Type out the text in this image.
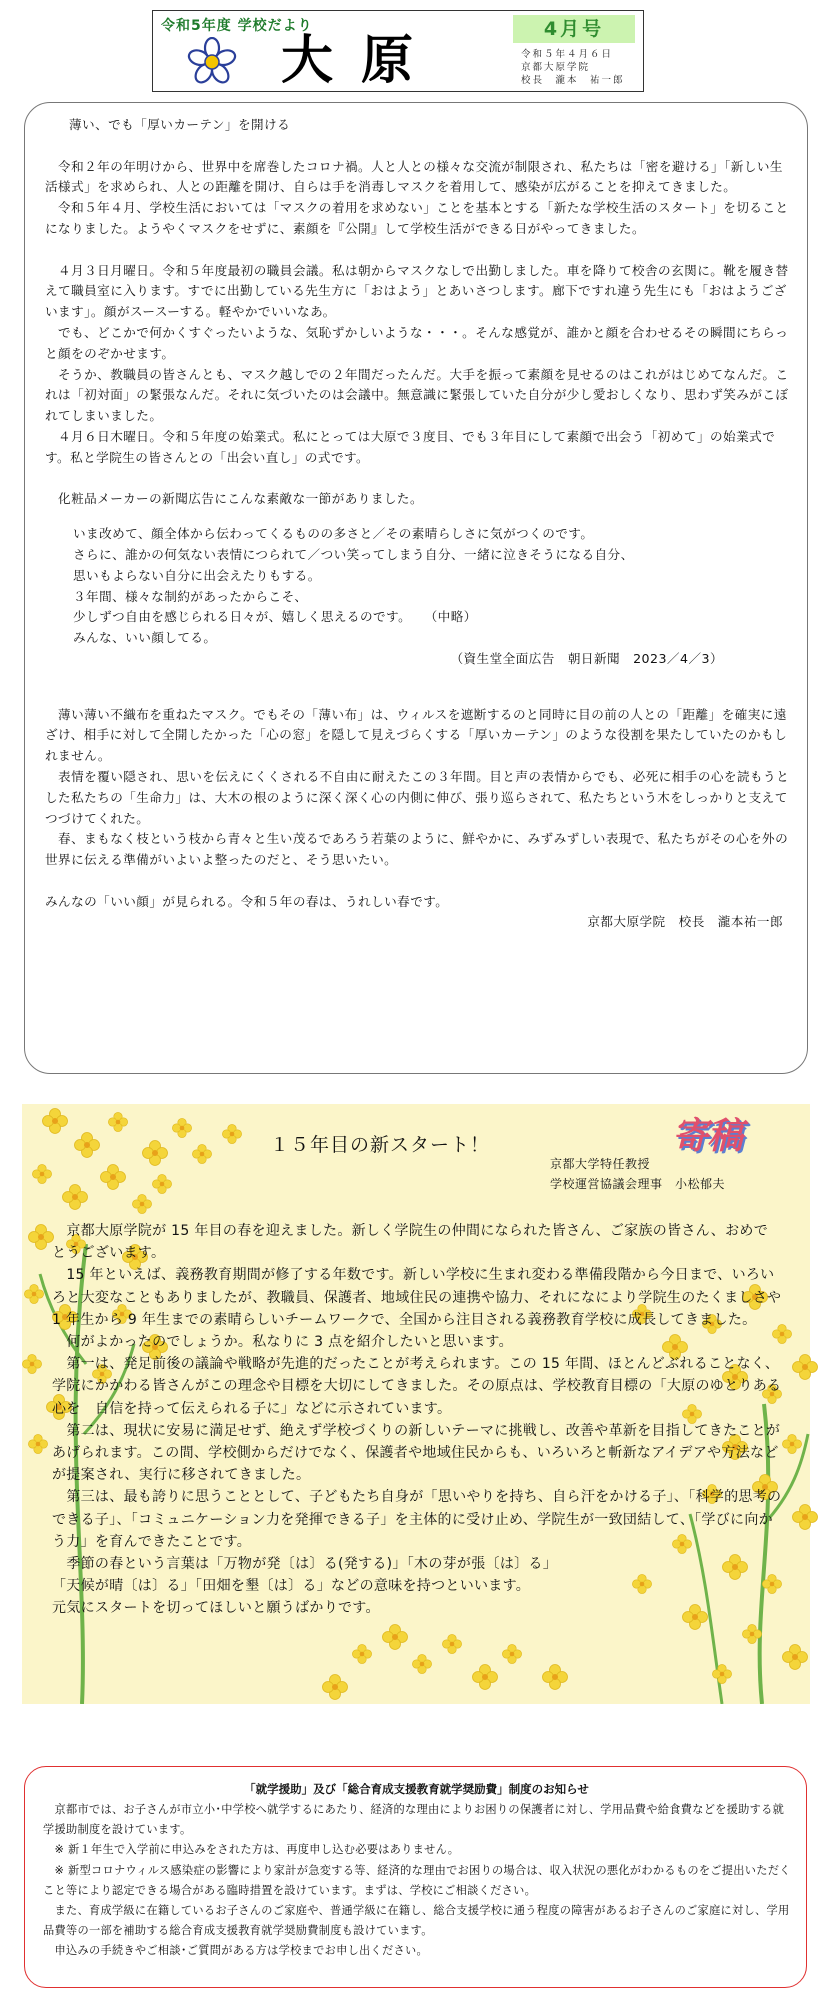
令和5年度 学校だより
大原
4月号
令和５年４月６日
京都大原学院
校長　瀧本　祐一郎

薄い、でも「厚いカーテン」を開ける

　令和２年の年明けから、世界中を席巻したコロナ禍。人と人との様々な交流が制限され、私たちは「密を避ける」「新しい生活様式」を求められ、人との距離を開け、自らは手を消毒しマスクを着用して、感染が広がることを抑えてきました。

　令和５年４月、学校生活においては「マスクの着用を求めない」ことを基本とする「新たな学校生活のスタート」を切ることになりました。ようやくマスクをせずに、素顔を『公開』して学校生活ができる日がやってきました。

　４月３日月曜日。令和５年度最初の職員会議。私は朝からマスクなしで出勤しました。車を降りて校舎の玄関に。靴を履き替えて職員室に入ります。すでに出勤している先生方に「おはよう」とあいさつします。廊下ですれ違う先生にも「おはようございます」。顔がスースーする。軽やかでいいなあ。

　でも、どこかで何かくすぐったいような、気恥ずかしいような・・・。そんな感覚が、誰かと顔を合わせるその瞬間にちらっと顔をのぞかせます。

　そうか、教職員の皆さんとも、マスク越しでの２年間だったんだ。大手を振って素顔を見せるのはこれがはじめてなんだ。これは「初対面」の緊張なんだ。それに気づいたのは会議中。無意識に緊張していた自分が少し愛おしくなり、思わず笑みがこぼれてしまいました。

　４月６日木曜日。令和５年度の始業式。私にとっては大原で３度目、でも３年目にして素顔で出会う「初めて」の始業式です。私と学院生の皆さんとの「出会い直し」の式です。

　化粧品メーカーの新聞広告にこんな素敵な一節がありました。

いま改めて、顔全体から伝わってくるものの多さと／その素晴らしさに気がつくのです。

さらに、誰かの何気ない表情につられて／つい笑ってしまう自分、一緒に泣きそうになる自分、

思いもよらない自分に出会えたりもする。

３年間、様々な制約があったからこそ、

少しずつ自由を感じられる日々が、嬉しく思えるのです。　　（中略）

みんな、いい顔してる。

（資生堂全面広告　朝日新聞　2023／4／3）

　薄い薄い不織布を重ねたマスク。でもその「薄い布」は、ウィルスを遮断するのと同時に目の前の人との「距離」を確実に遠ざけ、相手に対して全開したかった「心の窓」を隠して見えづらくする「厚いカーテン」のような役割を果たしていたのかもしれません。

　表情を覆い隠され、思いを伝えにくくされる不自由に耐えたこの３年間。目と声の表情からでも、必死に相手の心を読もうとした私たちの「生命力」は、大木の根のように深く深く心の内側に伸び、張り巡らされて、私たちという木をしっかりと支えてつづけてくれた。

　春、まもなく枝という枝から青々と生い茂るであろう若葉のように、鮮やかに、みずみずしい表現で、私たちがその心を外の世界に伝える準備がいよいよ整ったのだと、そう思いたい。

みんなの「いい顔」が見られる。令和５年の春は、うれしい春です。

京都大原学院　校長　瀧本祐一郎

１５年目の新スタート！	寄稿
京都大学特任教授
学校運営協議会理事　小松郁夫

　京都大原学院が 15 年目の春を迎えました。新しく学院生の仲間になられた皆さん、ご家族の皆さん、おめでとうございます。

　15 年といえば、義務教育期間が修了する年数です。新しい学校に生まれ変わる準備段階から今日まで、いろいろと大変なこともありましたが、教職員、保護者、地域住民の連携や協力、それになにより学院生のたくましさや 1 年生から 9 年生までの素晴らしいチームワークで、全国から注目される義務教育学校に成長してきました。

　何がよかったのでしょうか。私なりに 3 点を紹介したいと思います。

　第一は、発足前後の議論や戦略が先進的だったことが考えられます。この 15 年間、ほとんどぶれることなく、学院にかかわる皆さんがこの理念や目標を大切にしてきました。その原点は、学校教育目標の「大原のゆとりある心を　自信を持って伝えられる子に」などに示されています。

　第二は、現状に安易に満足せず、絶えず学校づくりの新しいテーマに挑戦し、改善や革新を目指してきたことがあげられます。この間、学校側からだけでなく、保護者や地域住民からも、いろいろと斬新なアイデアや方法などが提案され、実行に移されてきました。

　第三は、最も誇りに思うこととして、子どもたち自身が「思いやりを持ち、自ら汗をかける子」、「科学的思考のできる子」、「コミュニケーション力を発揮できる子」を主体的に受け止め、学院生が一致団結して、「学びに向かう力」を育んできたことです。

　季節の春という言葉は「万物が発〔は〕る(発する)」「木の芽が張〔は〕る」

「天候が晴〔は〕る」「田畑を墾〔は〕る」などの意味を持つといいます。

元気にスタートを切ってほしいと願うばかりです。

「就学援助」及び「総合育成支援教育就学奨励費」制度のお知らせ

　京都市では、お子さんが市立小･中学校へ就学するにあたり、経済的な理由によりお困りの保護者に対し、学用品費や給食費などを援助する就学援助制度を設けています。

　※ 新１年生で入学前に申込みをされた方は、再度申し込む必要はありません。

　※ 新型コロナウィルス感染症の影響により家計が急変する等、経済的な理由でお困りの場合は、収入状況の悪化がわかるものをご提出いただくこと等により認定できる場合がある臨時措置を設けています。まずは、学校にご相談ください。

　また、育成学級に在籍しているお子さんのご家庭や、普通学級に在籍し、総合支援学校に通う程度の障害があるお子さんのご家庭に対し、学用品費等の一部を補助する総合育成支援教育就学奨励費制度も設けています。

　申込みの手続きやご相談･ご質問がある方は学校までお申し出ください。
